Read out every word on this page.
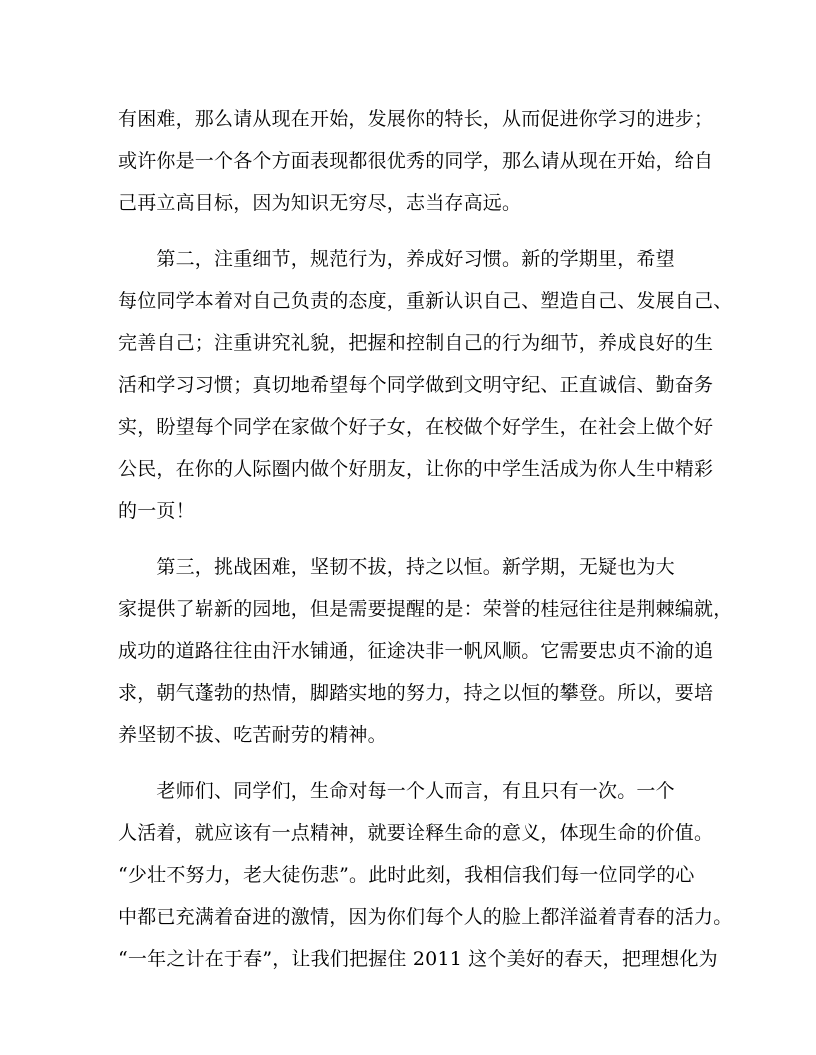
有困难，那么请从现在开始，发展你的特长，从而促进你学习的进步；
或许你是一个各个方面表现都很优秀的同学，那么请从现在开始，给自
己再立高目标，因为知识无穷尽，志当存高远。
　　第二，注重细节，规范行为，养成好习惯。新的学期里，希望
每位同学本着对自己负责的态度，重新认识自己、塑造自己、发展自己、
完善自己；注重讲究礼貌，把握和控制自己的行为细节，养成良好的生
活和学习习惯；真切地希望每个同学做到文明守纪、正直诚信、勤奋务
实，盼望每个同学在家做个好子女，在校做个好学生，在社会上做个好
公民，在你的人际圈内做个好朋友，让你的中学生活成为你人生中精彩
的一页！
　　第三，挑战困难，坚韧不拔，持之以恒。新学期，无疑也为大
家提供了崭新的园地，但是需要提醒的是：荣誉的桂冠往往是荆棘编就，
成功的道路往往由汗水铺通，征途决非一帆风顺。它需要忠贞不渝的追
求，朝气蓬勃的热情，脚踏实地的努力，持之以恒的攀登。所以，要培
养坚韧不拔、吃苦耐劳的精神。
　　老师们、同学们，生命对每一个人而言，有且只有一次。一个
人活着，就应该有一点精神，就要诠释生命的意义，体现生命的价值。
“少壮不努力，老大徒伤悲”。此时此刻，我相信我们每一位同学的心
中都已充满着奋进的激情，因为你们每个人的脸上都洋溢着青春的活力。
“一年之计在于春”，让我们把握住 2011 这个美好的春天，把理想化为
